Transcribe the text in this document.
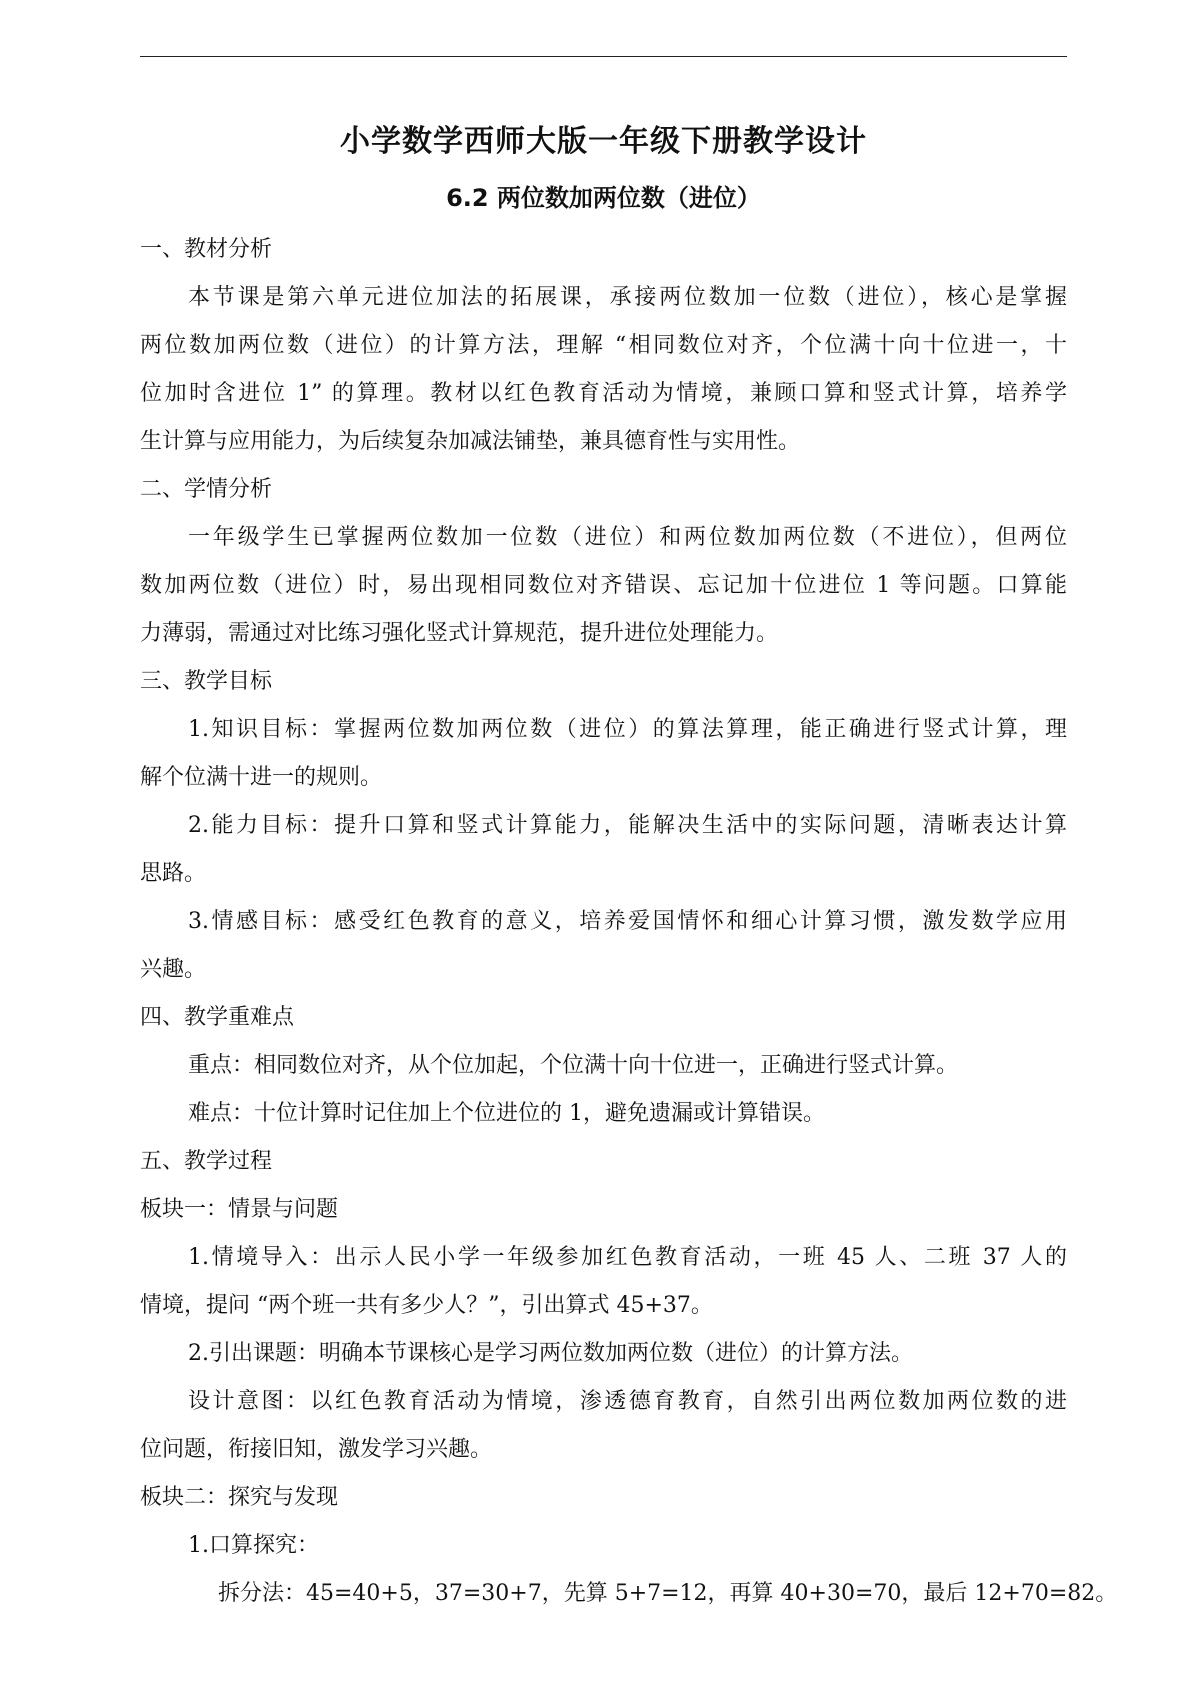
小学数学西师大版一年级下册教学设计

6.2 两位数加两位数（进位）

一、教材分析

本节课是第六单元进位加法的拓展课，承接两位数加一位数（进位），核心是掌握

两位数加两位数（进位）的计算方法，理解 “相同数位对齐，个位满十向十位进一，十

位加时含进位 1” 的算理。教材以红色教育活动为情境，兼顾口算和竖式计算，培养学

生计算与应用能力，为后续复杂加减法铺垫，兼具德育性与实用性。

二、学情分析

一年级学生已掌握两位数加一位数（进位）和两位数加两位数（不进位），但两位

数加两位数（进位）时，易出现相同数位对齐错误、忘记加十位进位 1 等问题。口算能

力薄弱，需通过对比练习强化竖式计算规范，提升进位处理能力。

三、教学目标

1.知识目标：掌握两位数加两位数（进位）的算法算理，能正确进行竖式计算，理

解个位满十进一的规则。

2.能力目标：提升口算和竖式计算能力，能解决生活中的实际问题，清晰表达计算

思路。

3.情感目标：感受红色教育的意义，培养爱国情怀和细心计算习惯，激发数学应用

兴趣。

四、教学重难点

重点：相同数位对齐，从个位加起，个位满十向十位进一，正确进行竖式计算。

难点：十位计算时记住加上个位进位的 1，避免遗漏或计算错误。

五、教学过程

板块一：情景与问题

1.情境导入：出示人民小学一年级参加红色教育活动，一班 45 人、二班 37 人的

情境，提问 “两个班一共有多少人？”，引出算式 45+37。

2.引出课题：明确本节课核心是学习两位数加两位数（进位）的计算方法。

设计意图：以红色教育活动为情境，渗透德育教育，自然引出两位数加两位数的进

位问题，衔接旧知，激发学习兴趣。

板块二：探究与发现

1.口算探究：

拆分法：45=40+5，37=30+7，先算 5+7=12，再算 40+30=70，最后 12+70=82。
